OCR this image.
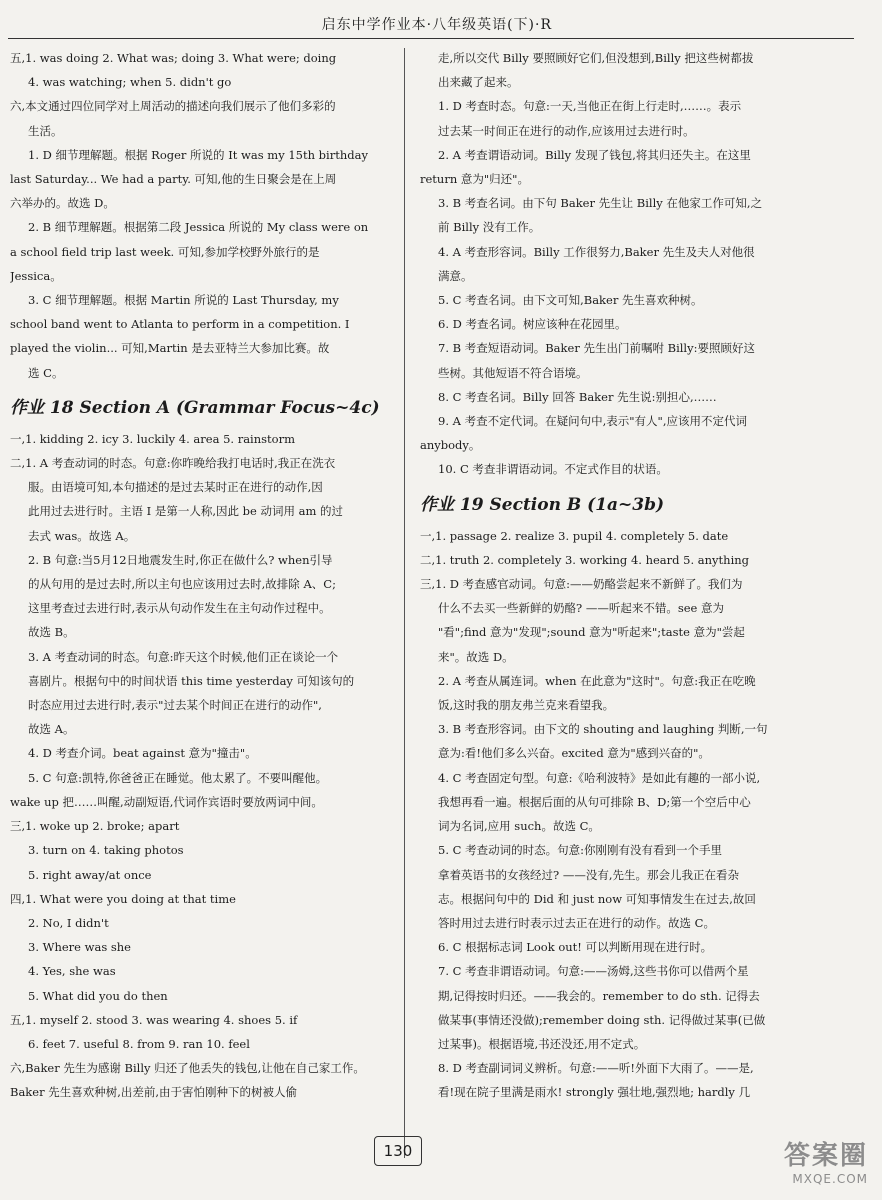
启东中学作业本·八年级英语(下)·R
五,1. was doing 2. What was; doing 3. What were; doing
4. was watching; when 5. didn't go
六,本文通过四位同学对上周活动的描述向我们展示了他们多彩的
生活。
1. D 细节理解题。根据 Roger 所说的 It was my 15th birthday
last Saturday... We had a party. 可知,他的生日聚会是在上周
六举办的。故选 D。
2. B 细节理解题。根据第二段 Jessica 所说的 My class were on
a school field trip last week. 可知,参加学校野外旅行的是
Jessica。
3. C 细节理解题。根据 Martin 所说的 Last Thursday, my
school band went to Atlanta to perform in a competition. I
played the violin... 可知,Martin 是去亚特兰大参加比赛。故
选 C。
作业 18 Section A (Grammar Focus~4c)
一,1. kidding 2. icy 3. luckily 4. area 5. rainstorm
二,1. A 考查动词的时态。句意:你昨晚给我打电话时,我正在洗衣
服。由语境可知,本句描述的是过去某时正在进行的动作,因
此用过去进行时。主语 I 是第一人称,因此 be 动词用 am 的过
去式 was。故选 A。
2. B 句意:当5月12日地震发生时,你正在做什么? when引导
的从句用的是过去时,所以主句也应该用过去时,故排除 A、C;
这里考查过去进行时,表示从句动作发生在主句动作过程中。
故选 B。
3. A 考查动词的时态。句意:昨天这个时候,他们正在谈论一个
喜剧片。根据句中的时间状语 this time yesterday 可知该句的
时态应用过去进行时,表示"过去某个时间正在进行的动作",
故选 A。
4. D 考查介词。beat against 意为"撞击"。
5. C 句意:凯特,你爸爸正在睡觉。他太累了。不要叫醒他。
wake up 把……叫醒,动副短语,代词作宾语时要放两词中间。
三,1. woke up 2. broke; apart
3. turn on 4. taking photos
5. right away/at once
四,1. What were you doing at that time
2. No, I didn't
3. Where was she
4. Yes, she was
5. What did you do then
五,1. myself 2. stood 3. was wearing 4. shoes 5. if
6. feet 7. useful 8. from 9. ran 10. feel
六,Baker 先生为感谢 Billy 归还了他丢失的钱包,让他在自己家工作。
Baker 先生喜欢种树,出差前,由于害怕刚种下的树被人偷
走,所以交代 Billy 要照顾好它们,但没想到,Billy 把这些树都拔
出来藏了起来。
1. D 考查时态。句意:一天,当他正在街上行走时,……。表示
过去某一时间正在进行的动作,应该用过去进行时。
2. A 考查谓语动词。Billy 发现了钱包,将其归还失主。在这里
return 意为"归还"。
3. B 考查名词。由下句 Baker 先生让 Billy 在他家工作可知,之
前 Billy 没有工作。
4. A 考查形容词。Billy 工作很努力,Baker 先生及夫人对他很
满意。
5. C 考查名词。由下文可知,Baker 先生喜欢种树。
6. D 考查名词。树应该种在花园里。
7. B 考查短语动词。Baker 先生出门前嘱咐 Billy:要照顾好这
些树。其他短语不符合语境。
8. C 考查名词。Billy 回答 Baker 先生说:别担心,……
9. A 考查不定代词。在疑问句中,表示"有人",应该用不定代词
anybody。
10. C 考查非谓语动词。不定式作目的状语。
作业 19 Section B (1a~3b)
一,1. passage 2. realize 3. pupil 4. completely 5. date
二,1. truth 2. completely 3. working 4. heard 5. anything
三,1. D 考查感官动词。句意:——奶酪尝起来不新鲜了。我们为
什么不去买一些新鲜的奶酪? ——听起来不错。see 意为
"看";find 意为"发现";sound 意为"听起来";taste 意为"尝起
来"。故选 D。
2. A 考查从属连词。when 在此意为"这时"。句意:我正在吃晚
饭,这时我的朋友弗兰克来看望我。
3. B 考查形容词。由下文的 shouting and laughing 判断,一句
意为:看!他们多么兴奋。excited 意为"感到兴奋的"。
4. C 考查固定句型。句意:《哈利波特》是如此有趣的一部小说,
我想再看一遍。根据后面的从句可排除 B、D;第一个空后中心
词为名词,应用 such。故选 C。
5. C 考查动词的时态。句意:你刚刚有没有看到一个手里
拿着英语书的女孩经过? ——没有,先生。那会儿我正在看杂
志。根据问句中的 Did 和 just now 可知事情发生在过去,故回
答时用过去进行时表示过去正在进行的动作。故选 C。
6. C 根据标志词 Look out! 可以判断用现在进行时。
7. C 考查非谓语动词。句意:——汤姆,这些书你可以借两个星
期,记得按时归还。——我会的。remember to do sth. 记得去
做某事(事情还没做);remember doing sth. 记得做过某事(已做
过某事)。根据语境,书还没还,用不定式。
8. D 考查副词词义辨析。句意:——听!外面下大雨了。——是,
看!现在院子里满是雨水! strongly 强壮地,强烈地; hardly 几
130	答案圈
MXQE.COM
